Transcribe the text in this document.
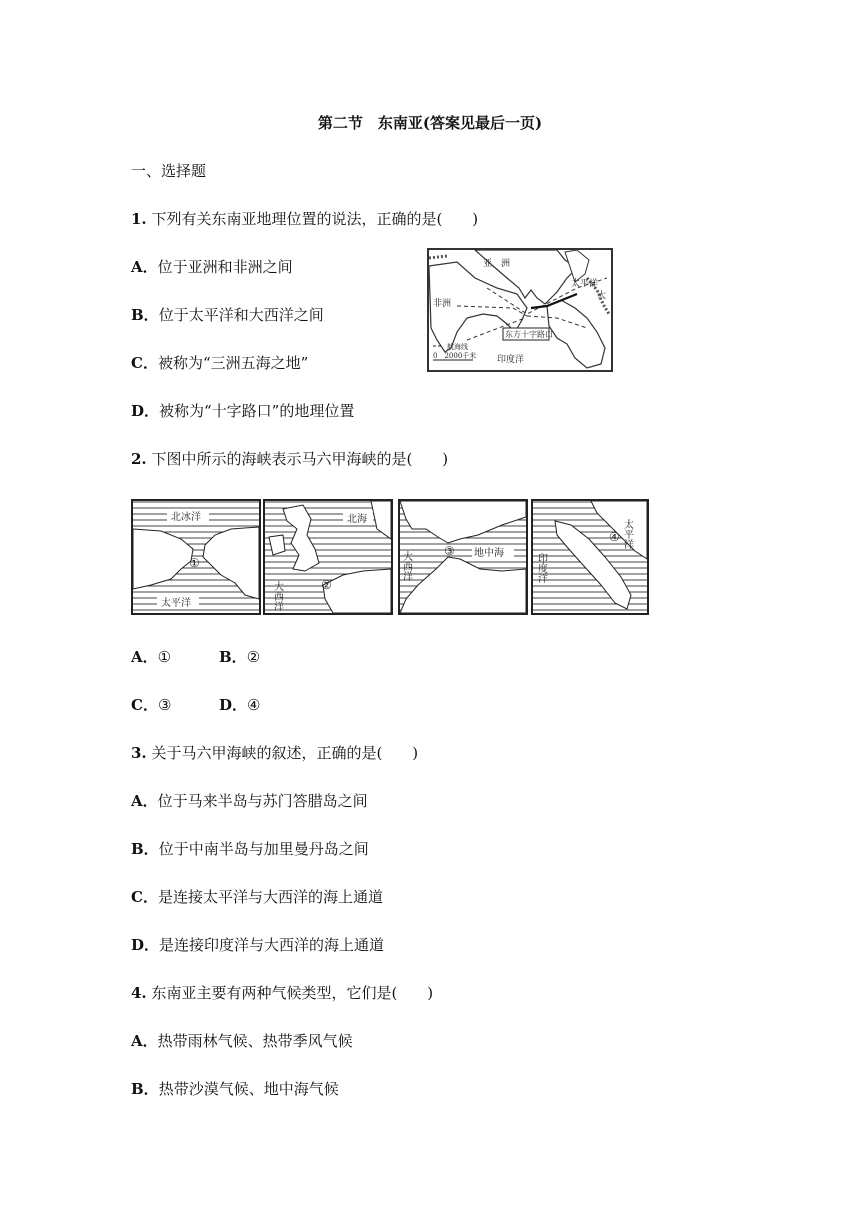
第二节　东南亚(答案见最后一页)
一、选择题
1. 下列有关东南亚地理位置的说法，正确的是(　　)
A．位于亚洲和非洲之间
B．位于太平洋和大西洋之间
C．被称为“三洲五海之地”
D．被称为“十字路口”的地理位置
亚　洲
非洲
太平洋
大
东方十字路口
航海线
0　2000千米 印度洋
2. 下图中所示的海峡表示马六甲海峡的是(　　)
北冰洋
太平洋
①
北海
大西洋	②
大西洋	③ 地中海	印度洋
太平洋
④
A．①	B．②
C．③	D．④
3. 关于马六甲海峡的叙述，正确的是(　　)
A．位于马来半岛与苏门答腊岛之间
B．位于中南半岛与加里曼丹岛之间
C．是连接太平洋与大西洋的海上通道
D．是连接印度洋与大西洋的海上通道
4. 东南亚主要有两种气候类型，它们是(　　)
A．热带雨林气候、热带季风气候
B．热带沙漠气候、地中海气候
